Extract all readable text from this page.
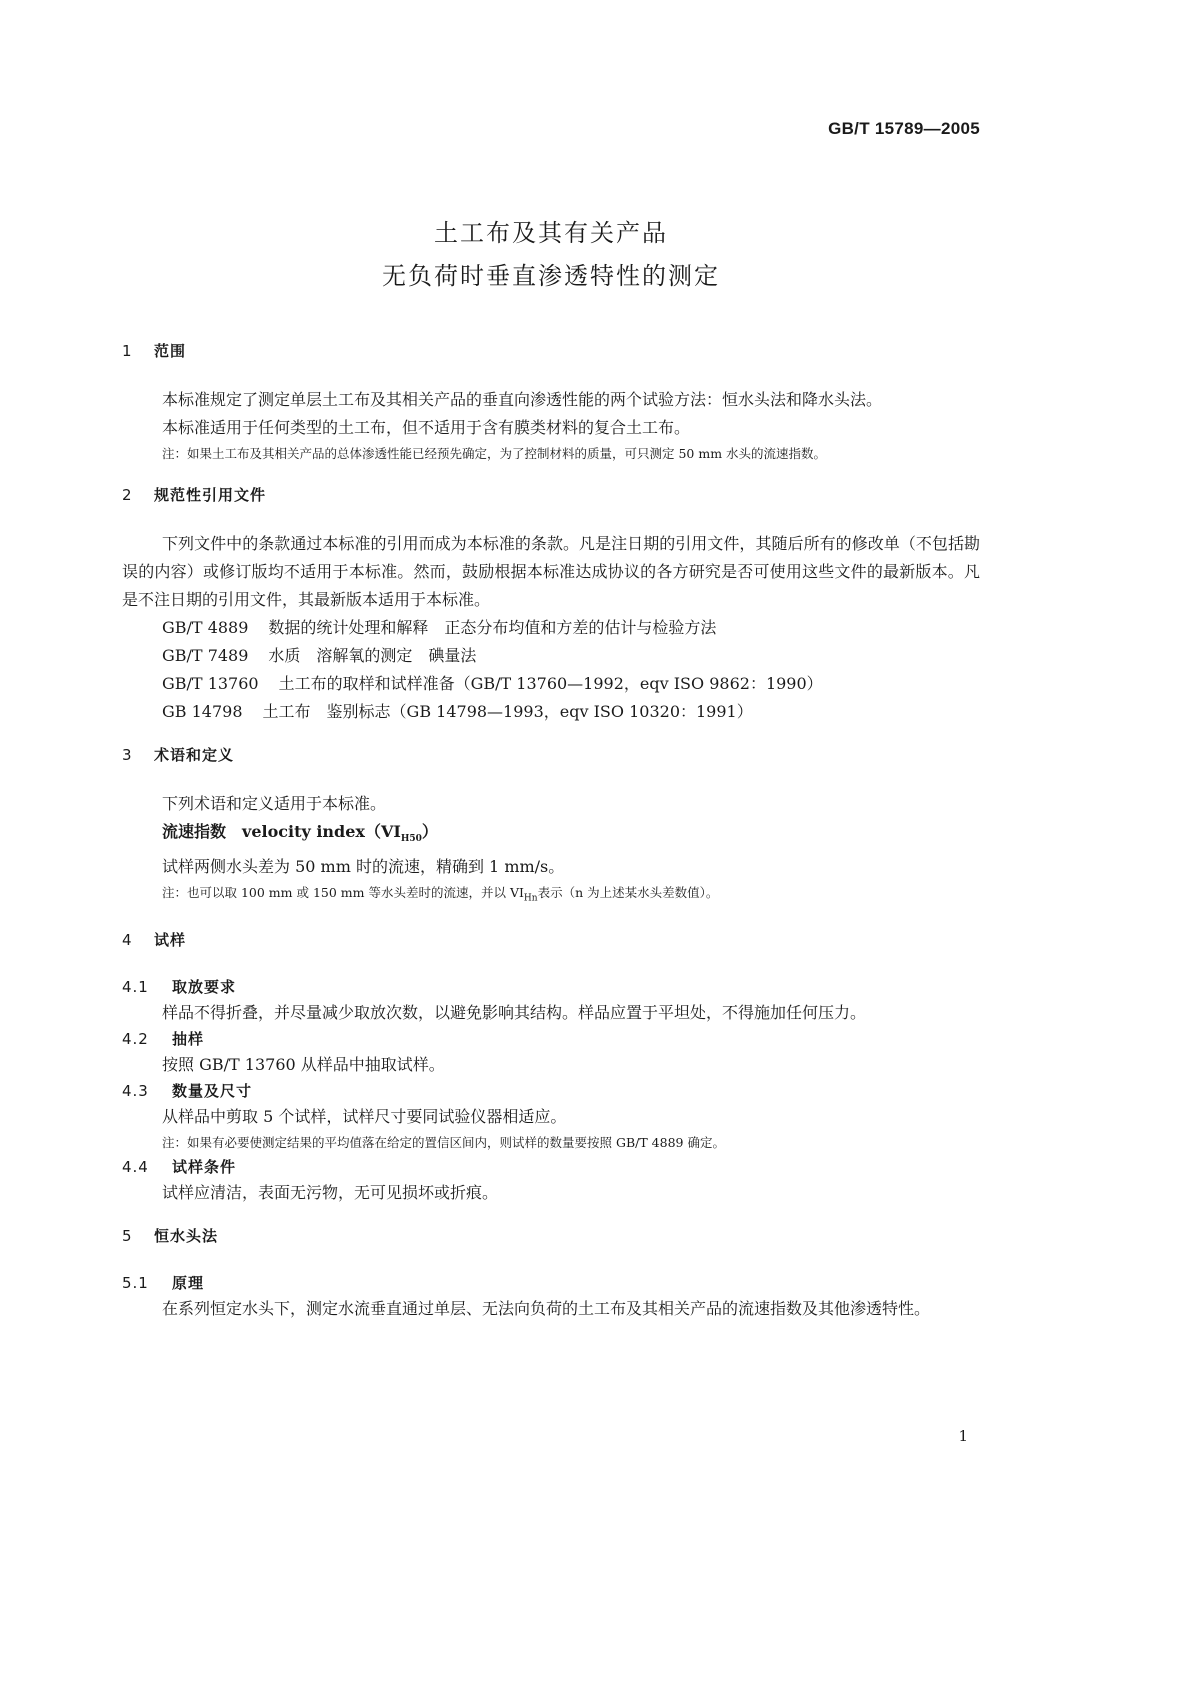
GB/T 15789—2005
土工布及其有关产品
无负荷时垂直渗透特性的测定
1	范围

本标准规定了测定单层土工布及其相关产品的垂直向渗透性能的两个试验方法：恒水头法和降水头法。

本标准适用于任何类型的土工布，但不适用于含有膜类材料的复合土工布。

注：如果土工布及其相关产品的总体渗透性能已经预先确定，为了控制材料的质量，可只测定 50 mm 水头的流速指数。

2	规范性引用文件

下列文件中的条款通过本标准的引用而成为本标准的条款。凡是注日期的引用文件，其随后所有的修改单（不包括勘误的内容）或修订版均不适用于本标准。然而，鼓励根据本标准达成协议的各方研究是否可使用这些文件的最新版本。凡是不注日期的引用文件，其最新版本适用于本标准。

GB/T 4889 数据的统计处理和解释　正态分布均值和方差的估计与检验方法

GB/T 7489 水质　溶解氧的测定　碘量法

GB/T 13760 土工布的取样和试样准备（GB/T 13760—1992，eqv ISO 9862：1990）

GB 14798 土工布　鉴别标志（GB 14798—1993，eqv ISO 10320：1991）

3	术语和定义

下列术语和定义适用于本标准。

流速指数 velocity $index(VI_{H50})$

试样两侧水头差为 50 mm 时的流速，精确到 1 mm/s。

注：也可以取 100 mm 或 150 mm 等水头差时的流速，并以 $VI_{Hn}$表示（n 为上述某水头差数值）。

4	试样
4.1	取放要求

样品不得折叠，并尽量减少取放次数，以避免影响其结构。样品应置于平坦处，不得施加任何压力。

4.2	抽样

按照 GB/T 13760 从样品中抽取试样。

4.3	数量及尺寸

从样品中剪取 5 个试样，试样尺寸要同试验仪器相适应。

注：如果有必要使测定结果的平均值落在给定的置信区间内，则试样的数量要按照 GB/T 4889 确定。

4.4	试样条件

试样应清洁，表面无污物，无可见损坏或折痕。

5	恒水头法
5.1	原理

在系列恒定水头下，测定水流垂直通过单层、无法向负荷的土工布及其相关产品的流速指数及其他渗透特性。

1
